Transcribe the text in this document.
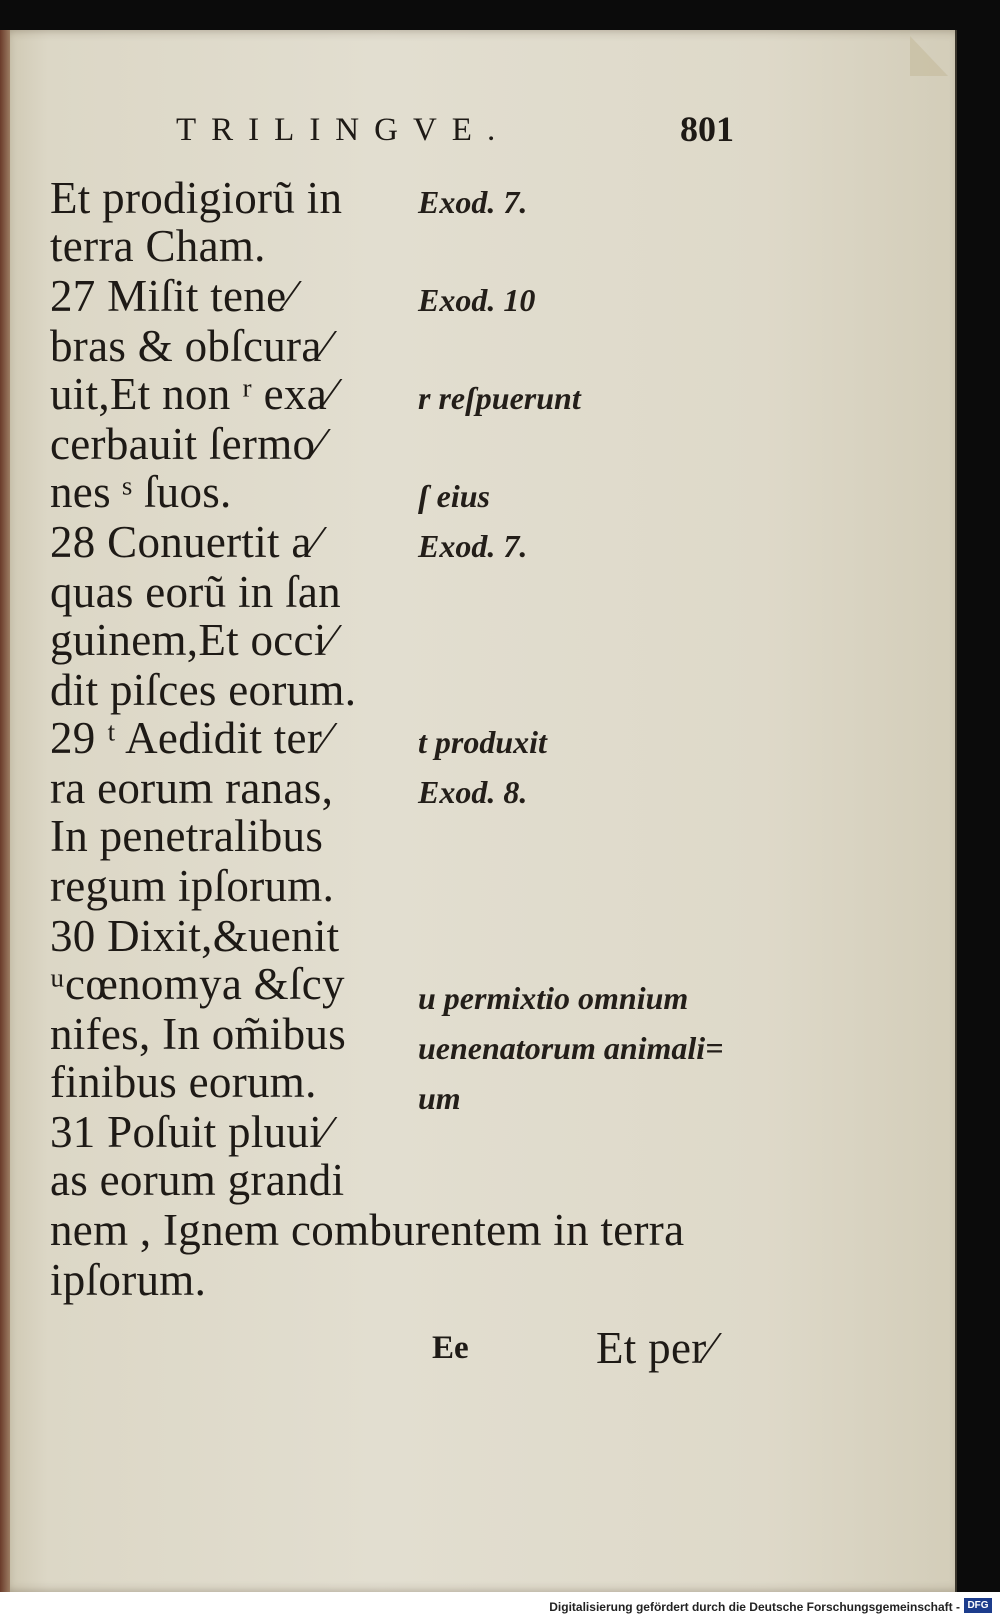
TRILINGVE.	801
Et prodigiorũ in
terra Cham.
27 Miſit tene⁄
bras & obſcura⁄
uit,Et non ʳ exa⁄
cerbauit ſermo⁄
nes ˢ ſuos.
28 Conuertit a⁄
quas eorũ in ſan
guinem,Et occi⁄
dit piſces eorum.
29 ᵗ Aedidit ter⁄
ra eorum ranas,
In penetralibus
regum ipſorum.
30 Dixit,&uenit
ᵘcœnomya &ſcy
nifes, In om̃ibus
finibus eorum.
31 Poſuit pluui⁄
as eorum grandi
nem , Ignem comburentem in terra
ipſorum.
Exod. 7.
Exod. 10
r reſpuerunt
ſ eius
Exod. 7.
t produxit
Exod. 8.
u permixtio omnium
uenenatorum animali=
um
Ee	Et per⁄
Digitalisierung gefördert durch die Deutsche Forschungsgemeinschaft - DFG
